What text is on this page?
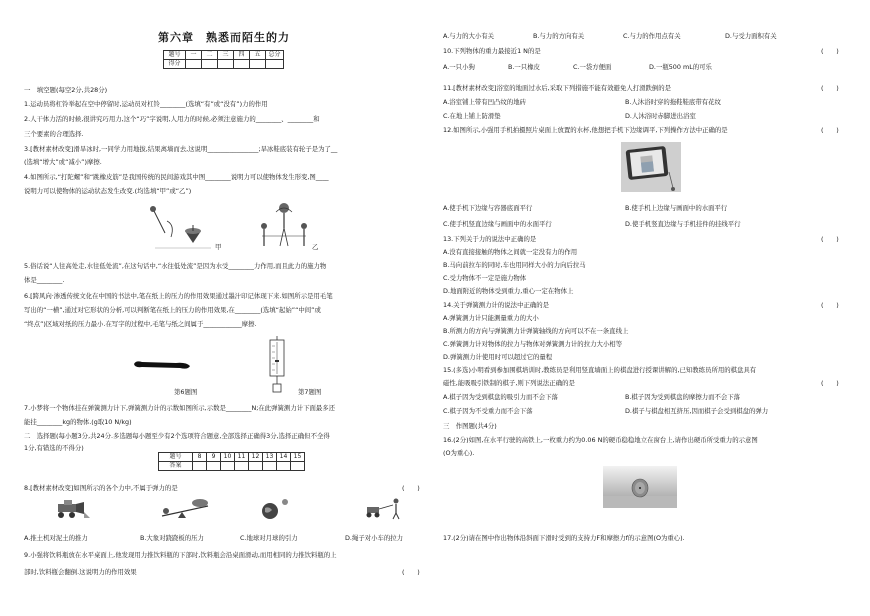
第六章　熟悉而陌生的力
题号	一	二	三	四	五	总分
得分						
一　填空题(每空2分,共28分)
1.运动员将杠铃举起在空中停留时,运动员对杠铃________(选填“有”或“没有”)力的作用
2.人干体力活的时候,很讲究巧用力,这个“巧”字说明,人用力的时候,必须注意施力的________、________和
三个要素的合理选择.
3.[教材素材改变]滑旱冰时,一同学力用地拔,结果离墙而去,这说明________________;旱冰鞋底装有轮子是为了__
(选填“增大”或“减小”)摩擦.
4.如图所示,“打陀螺”和“跳橡皮筋”是我国传统的民间游戏其中图________说明力可以使物体发生形变,图____
说明力可以使物体的运动状态发生改变.(均选填“甲”或“乙”)
甲	乙
5.俗话说“人往高处走,水往低处流”,在这句话中,“水往低处流”是因为水受________力作用,而且此力的施力物
体是________.
6.[跨风向·渗透传统文化在中国的书法中,笔在纸上的压力的作用效果通过墨汁印记体现下来.如图所示是用毛笔
写出的“一横”,通过对它形状的分析,可以判断笔在纸上的压力的作用效果,在________(选填“起始”“中间”或
“终点”)区域对纸的压力最小.在写字的过程中,毛笔与纸之间属于____________摩擦.
第6题图	第7题图
7.小梦将一个物体挂在弹簧测力计下,弹簧测力计的示数如图所示,示数是________N;在此弹簧测力计下面最多还
能挂________kg的物体.(g取10 N/kg)
二　选择题(每小题3分,共24分.多选题每小题至少有2个选项符合题意,全部选择正确得3分,选择正确但不全得
1分,有错选的不得分)
题号	8	9	10	11	12	13	14	15
答案								
8.[教材素材改变]如图所示的各个力中,不属于弹力的是	(　　)
A.推土机对泥土的推力	B.大象对跷跷板的压力	C.地球对月球的引力	D.绳子对小车的拉力
9.小强将饮料瓶放在水平桌面上,他发现用力推饮料瓶的下部时,饮料瓶会沿桌面滑动,而用相同的力推饮料瓶的上
部时,饮料瓶会翻倒.这说明力的作用效果	(　　)
A.与力的大小有关	B.与力的方向有关	C.与力的作用点有关	D.与受力面积有关
10.下列物体的重力最接近1 N的是	(　　)
A.一只小狗	B.一只橡皮	C.一袋方便面	D.一瓶500 mL的可乐
11.[教材素材改变]浴室的地面过水后,采取下列措施不能有效避免人打滑跌倒的是	(　　)
A.浴室铺上带有凹凸纹的地砖	B.人沐浴时穿的拖鞋鞋底带有花纹
C.在地上铺上防滑垫	D.人沐浴时赤脚进出浴室
12.如图所示,小强用手机拍摄照片桌面上放置的水杯,他想把手机下边缘调平,下列操作方法中正确的是	(　　)
A.使手机下边缘与容器底面平行	B.使手机上边缘与画面中的水面平行
C.使手机竖直边缘与画面中的水面平行	D.使手机竖直边缘与手机挂件的挂线平行
13.下列关于力的说法中正确的是	(　　)
A.没有直接接触的物体之间就一定没有力的作用
B.马向前拉车的同时,车也用同样大小的力向后拉马
C.受力物体不一定是施力物体
D.地面附近的物体受到重力,重心一定在物体上
14.关于弹簧测力计的说法中正确的是	(　　)
A.弹簧测力计只能测量重力的大小
B.所测力的方向与弹簧测力计弹簧轴线的方向可以不在一条直线上
C.弹簧测力计对物体的拉力与物体对弹簧测力计的拉力大小相等
D.弹簧测力计使用时可以超过它的量程
15.(多选)小明看到参加围棋培训时,教练员是利用竖直墙面上的棋盘进行授课讲解的,已知教练员所用的棋盘具有
磁性,能吸吸引铁制的棋子,则下列说法正确的是	(　　)
A.棋子因为受到棋盘的吸引力而不会下落	B.棋子因为受到棋盘的摩擦力而不会下落
C.棋子因为不受重力而不会下落	D.棋子与棋盘相互挤压,因而棋子会受到棋盘的弹力
三　作图题(共4分)
16.(2分)如图,在水平行驶的高铁上,一枚重力约为0.06 N的硬币稳稳地立在窗台上,请作出硬币所受重力的示意图
(O为重心).
17.(2分)请在图中作出物体沿斜面下滑时受到的支持力F和摩擦力f的示意图(O为重心).
